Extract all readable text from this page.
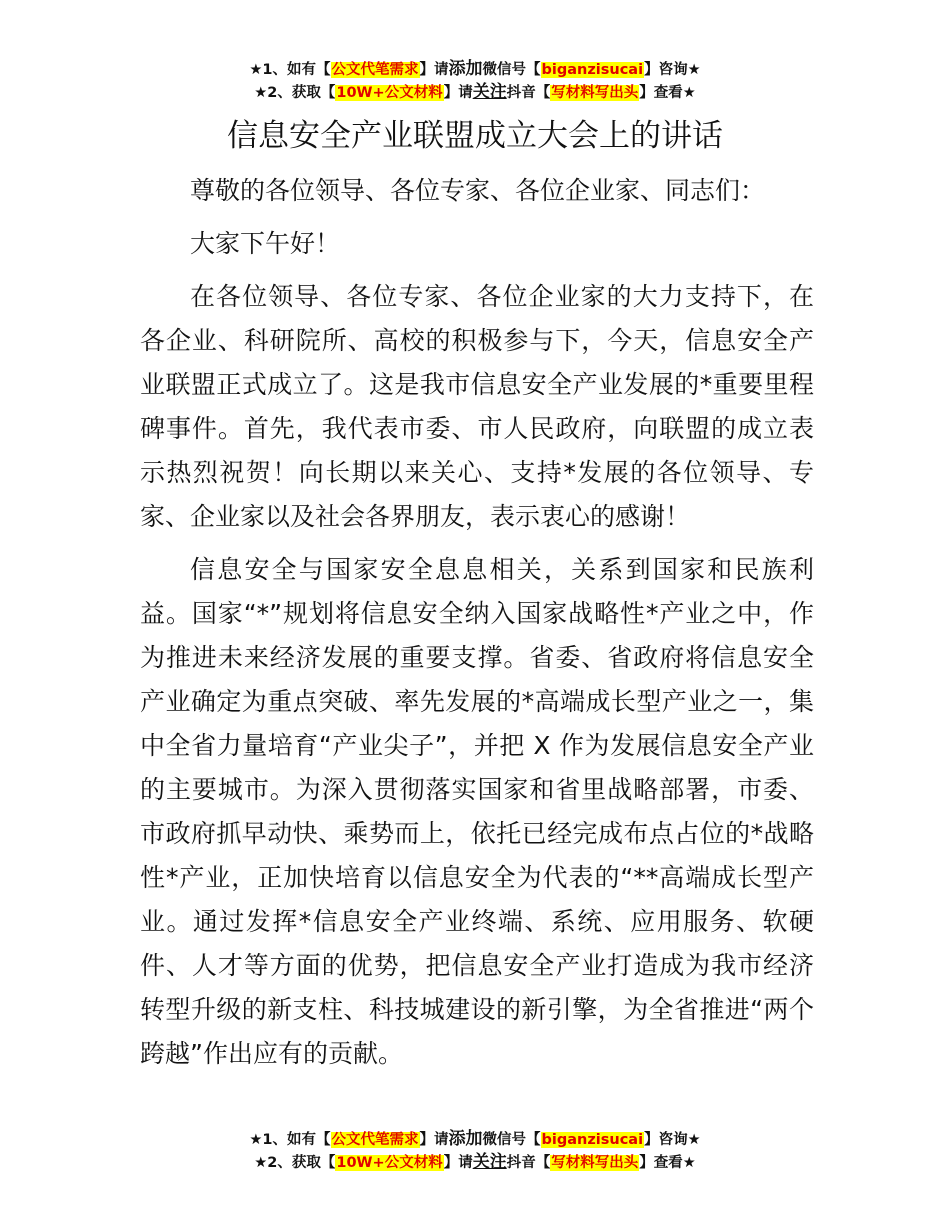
★1、如有【公文代笔需求】请添加微信号【biganzisucai】咨询★
★2、获取【10W+公文材料】请关注抖音【写材料写出头】查看★
信息安全产业联盟成立大会上的讲话

尊敬的各位领导、各位专家、各位企业家、同志们：

大家下午好！

在各位领导、各位专家、各位企业家的大力支持下，在各企业、科研院所、高校的积极参与下，今天，信息安全产业联盟正式成立了。这是我市信息安全产业发展的*重要里程碑事件。首先，我代表市委、市人民政府，向联盟的成立表示热烈祝贺！向长期以来关心、支持*发展的各位领导、专家、企业家以及社会各界朋友，表示衷心的感谢！

信息安全与国家安全息息相关，关系到国家和民族利益。国家“*”规划将信息安全纳入国家战略性*产业之中，作为推进未来经济发展的重要支撑。省委、省政府将信息安全产业确定为重点突破、率先发展的*高端成长型产业之一，集中全省力量培育“产业尖子”，并把 X 作为发展信息安全产业的主要城市。为深入贯彻落实国家和省里战略部署，市委、市政府抓早动快、乘势而上，依托已经完成布点占位的*战略性*产业，正加快培育以信息安全为代表的“**高端成长型产业。通过发挥*信息安全产业终端、系统、应用服务、软硬件、人才等方面的优势，把信息安全产业打造成为我市经济转型升级的新支柱、科技城建设的新引擎，为全省推进“两个跨越”作出应有的贡献。

★1、如有【公文代笔需求】请添加微信号【biganzisucai】咨询★
★2、获取【10W+公文材料】请关注抖音【写材料写出头】查看★
